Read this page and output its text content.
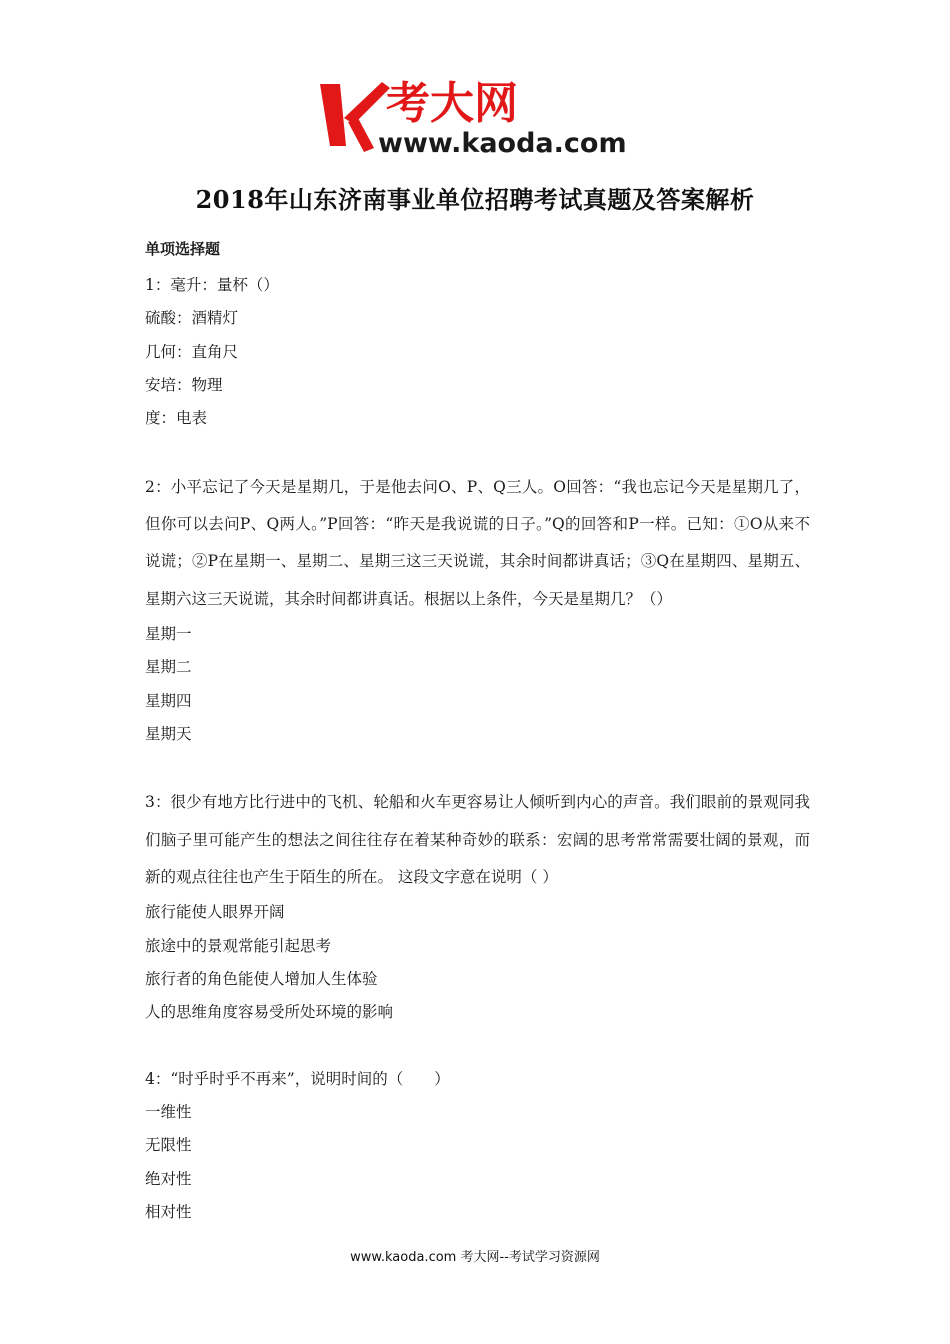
考大网
www.kaoda.com
2018年山东济南事业单位招聘考试真题及答案解析
单项选择题
1：毫升：量杯（）
硫酸：酒精灯
几何：直角尺
安培：物理
度：电表
2：小平忘记了今天是星期几，于是他去问O、P、Q三人。O回答：“我也忘记今天是星期几了，但你可以去问P、Q两人。”P回答：“昨天是我说谎的日子。”Q的回答和P一样。已知：①O从来不说谎；②P在星期一、星期二、星期三这三天说谎，其余时间都讲真话；③Q在星期四、星期五、星期六这三天说谎，其余时间都讲真话。根据以上条件，今天是星期几？（）
星期一
星期二
星期四
星期天
3：很少有地方比行进中的飞机、轮船和火车更容易让人倾听到内心的声音。我们眼前的景观同我们脑子里可能产生的想法之间往往存在着某种奇妙的联系：宏阔的思考常常需要壮阔的景观，而新的观点往往也产生于陌生的所在。 这段文字意在说明（ ）
旅行能使人眼界开阔
旅途中的景观常能引起思考
旅行者的角色能使人增加人生体验
人的思维角度容易受所处环境的影响
4：“时乎时乎不再来”，说明时间的（　　）
一维性
无限性
绝对性
相对性
www.kaoda.com 考大网--考试学习资源网
